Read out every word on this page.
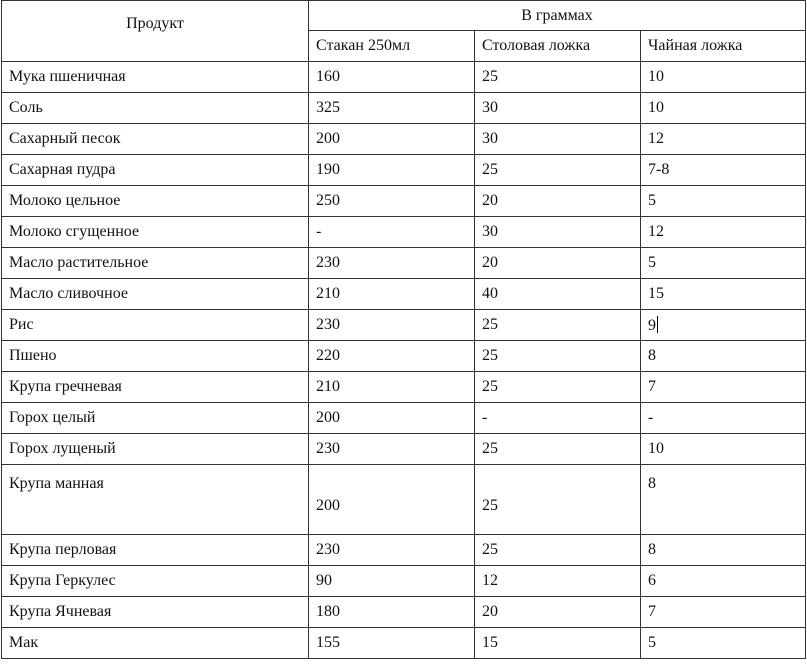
Продукт	В граммах		
	Стакан 250мл	Столовая ложка	Чайная ложка
Мука пшеничная	160	25	10
Соль	325	30	10
Сахарный песок	200	30	12
Сахарная пудра	190	25	7-8
Молоко цельное	250	20	5
Молоко сгущенное	-	30	12
Масло растительное	230	20	5
Масло сливочное	210	40	15
Рис	230	25	9
Пшено	220	25	8
Крупа гречневая	210	25	7
Горох целый	200	-	-
Горох лущеный	230	25	10
Крупа манная	200	25	8
Крупа перловая	230	25	8
Крупа Геркулес	90	12	6
Крупа Ячневая	180	20	7
Мак	155	15	5
